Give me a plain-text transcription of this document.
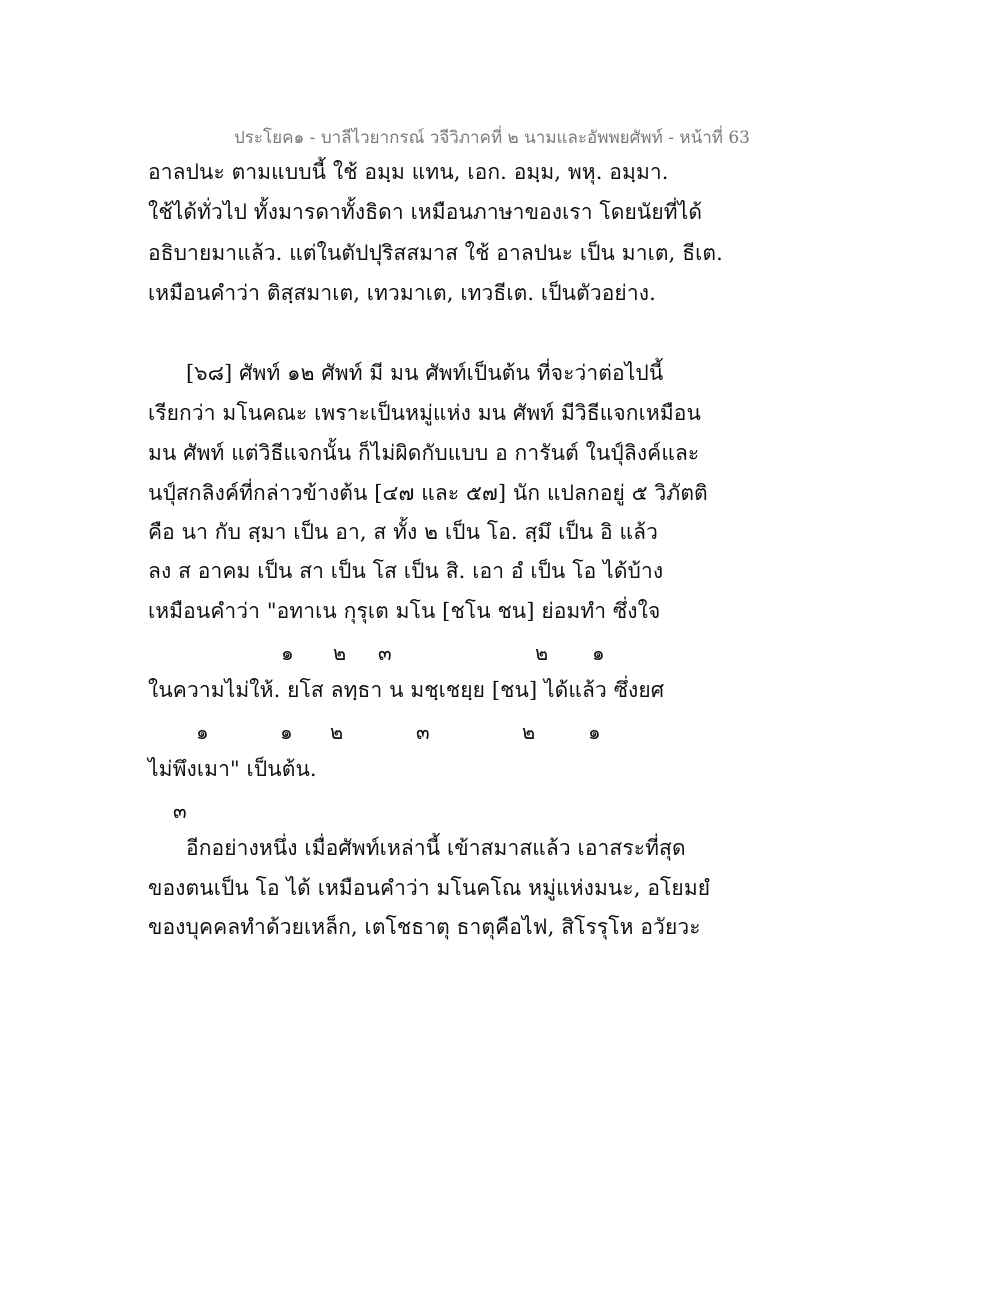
ประโยค๑ - บาลีไวยากรณ์ วจีวิภาคที่ ๒ นามและอัพพยศัพท์ - หน้าที่ 63
อาลปนะ ตามแบบนี้ ใช้ อมฺม แทน, เอก. อมฺม, พหุ. อมฺมา.
ใช้ได้ทั่วไป ทั้งมารดาทั้งธิดา เหมือนภาษาของเรา โดยนัยที่ได้
อธิบายมาแล้ว. แต่ในตัปปุริสสมาส ใช้ อาลปนะ เป็น มาเต, ธีเต.
เหมือนคำว่า ติสฺสมาเต, เทวมาเต, เทวธีเต. เป็นตัวอย่าง.
[๖๘] ศัพท์ ๑๒ ศัพท์ มี มน ศัพท์เป็นต้น ที่จะว่าต่อไปนี้
เรียกว่า มโนคณะ เพราะเป็นหมู่แห่ง มน ศัพท์ มีวิธีแจกเหมือน
มน ศัพท์ แต่วิธีแจกนั้น ก็ไม่ผิดกับแบบ อ การันต์ ในปุ์ลิงค์และ
นปุ์สกลิงค์ที่กล่าวข้างต้น [๔๗ และ ๕๗] นัก แปลกอยู่ ๕ วิภัตติ
คือ นา กับ สฺมา เป็น อา, ส ทั้ง ๒ เป็น โอ. สฺมึ เป็น อิ แล้ว
ลง ส อาคม เป็น สา เป็น โส เป็น สิ. เอา อํ เป็น โอ ได้บ้าง
เหมือนคำว่า "อทาเน กุรุเต มโน [ชโน ชน] ย่อมทำ ซึ่งใจ
๑ ๒ ๓	๒ ๑
ในความไม่ให้. ยโส ลทฺธา น มชฺเชยฺย [ชน] ได้แล้ว ซึ่งยศ
๑	๑ ๒	๓	๒	๑
ไม่พึงเมา" เป็นต้น.
๓
อีกอย่างหนึ่ง เมื่อศัพท์เหล่านี้ เข้าสมาสแล้ว เอาสระที่สุด
ของตนเป็น โอ ได้ เหมือนคำว่า มโนคโณ หมู่แห่งมนะ, อโยมยํ
ของบุคคลทำด้วยเหล็ก, เตโชธาตุ ธาตุคือไฟ, สิโรรุโห อวัยวะ
